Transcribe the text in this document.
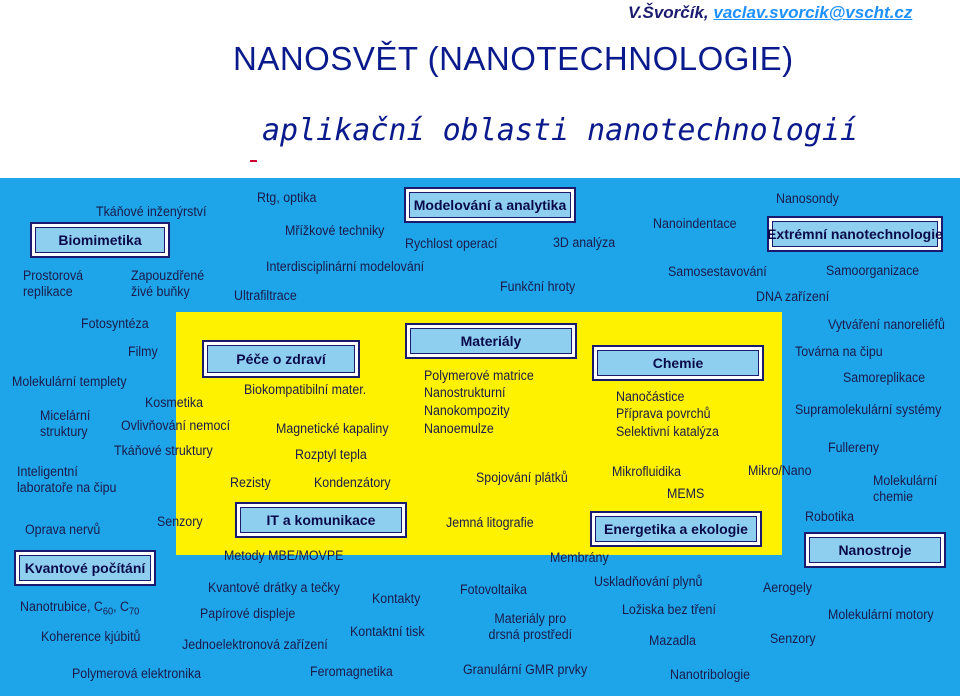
V.Švorčík, vaclav.svorcik@vscht.cz
NANOSVĚT (NANOTECHNOLOGIE)
aplikační oblasti nanotechnologií
Biomimetika
Modelování a analytika
Extrémní nanotechnologie
Péče o zdraví
Materiály
Chemie
IT a komunikace
Energetika a ekologie
Kvantové počítání
Nanostroje
Tkáňové inženýrství
Rtg, optika
Mřížkové techniky
Rychlost operací	3D analýza
Nanoindentace
Nanosondy
Prostorová replikace
Zapouzdřené živé buňky
Interdisciplinární modelování
Funkční hroty
Samosestavování	Samoorganizace
Ultrafiltrace	DNA zařízení
Fotosyntéza	Vytváření nanoreliéfů
Filmy	Továrna na čipu
Molekulární templety
Biokompatibilní mater.
Polymerové matrice
Nanostrukturní
Nanokompozity
Nanoemulze
Nanočástice
Příprava povrchů
Selektivní katalýza
Samoreplikace
Kosmetika	Supramolekulární systémy
Micelární struktury	Ovlivňování nemocí	Magnetické kapaliny
Tkáňové struktury	Rozptyl tepla	Fullereny
Inteligentní laboratoře na čipu	Rezisty	Kondenzátory	Spojování plátků	Mikrofluidika	Mikro/Nano
Molekulární chemie
MEMS
Oprava nervů
Senzory	Jemná litografie	Robotika
Metody MBE/MOVPE	Membrány
Kvantové drátky a tečky	Fotovoltaika
Uskladňování plynů	Aerogely
Nanotrubice, $C_{60}$, $C_{70}$	Papírové displeje
Kontakty
Materiály pro drsná prostředí
Ložiska bez tření	Molekulární motory
Koherence kjúbitů
Jednoelektronová zařízení
Kontaktní tisk
Mazadla	Senzory
Polymerová elektronika	Feromagnetika	Granulární GMR prvky	Nanotribologie
